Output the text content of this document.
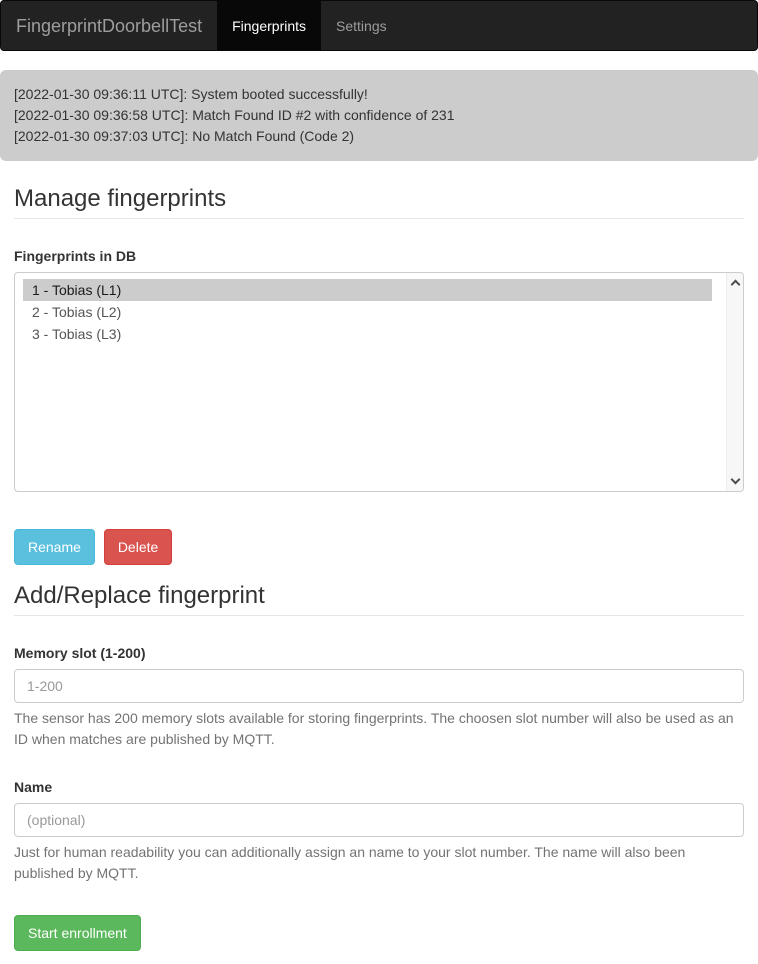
FingerprintDoorbellTest	Fingerprints	Settings
[2022-01-30 09:36:11 UTC]: System booted successfully!
[2022-01-30 09:36:58 UTC]: Match Found ID #2 with confidence of 231
[2022-01-30 09:37:03 UTC]: No Match Found (Code 2)
Manage fingerprints
Fingerprints in DB
1 - Tobias (L1)
2 - Tobias (L2)
3 - Tobias (L3)
Rename	Delete
Add/Replace fingerprint
Memory slot (1-200)
1-200
The sensor has 200 memory slots available for storing fingerprints. The choosen slot number will also be used as an ID when matches are published by MQTT.
Name
(optional)
Just for human readability you can additionally assign an name to your slot number. The name will also been published by MQTT.
Start enrollment
